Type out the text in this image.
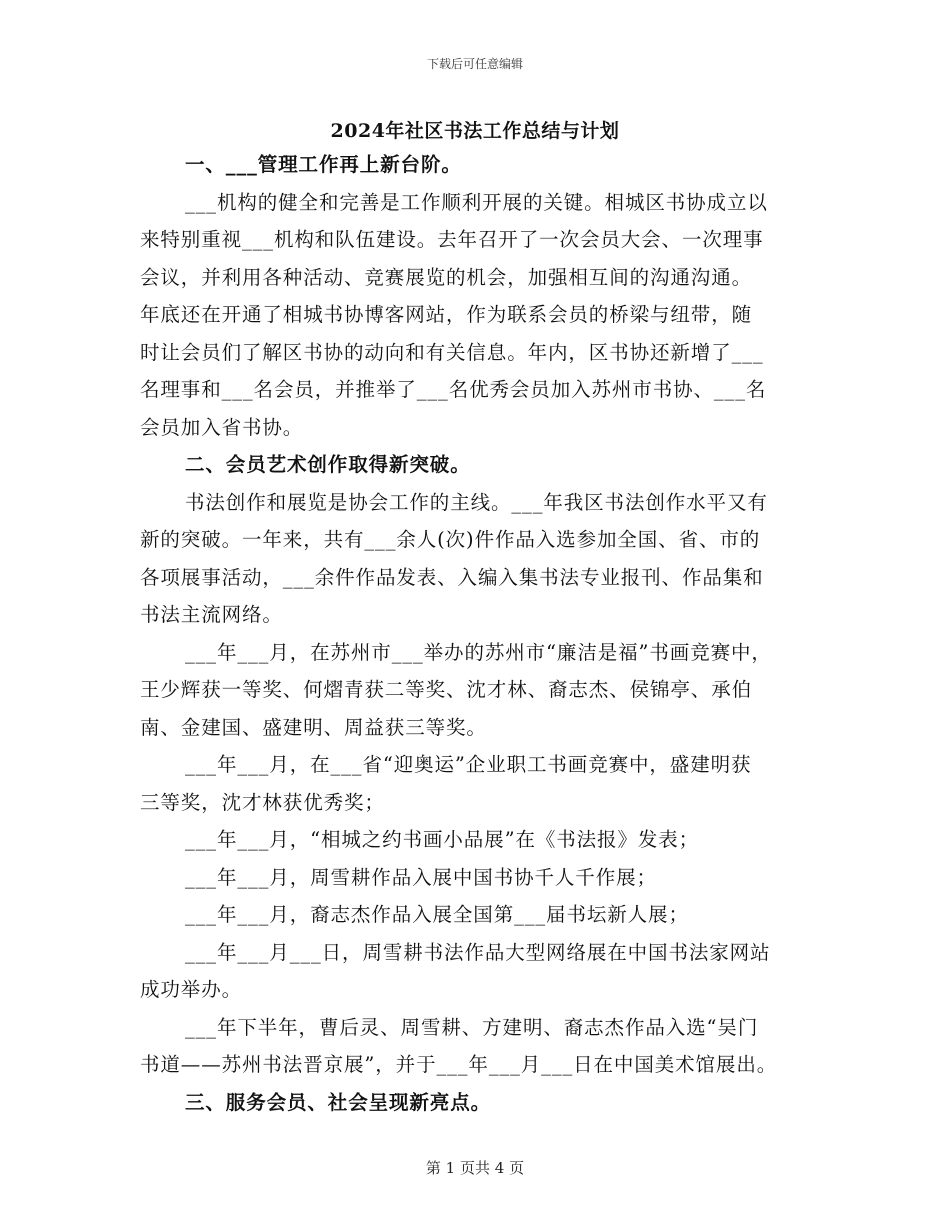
下载后可任意编辑
2024年社区书法工作总结与计划
一、___管理工作再上新台阶。
___机构的健全和完善是工作顺利开展的关键。相城区书协成立以
来特别重视___机构和队伍建设。去年召开了一次会员大会、一次理事
会议，并利用各种活动、竞赛展览的机会，加强相互间的沟通沟通。
年底还在开通了相城书协博客网站，作为联系会员的桥梁与纽带，随
时让会员们了解区书协的动向和有关信息。年内，区书协还新增了___
名理事和___名会员，并推举了___名优秀会员加入苏州市书协、___名
会员加入省书协。
二、会员艺术创作取得新突破。
书法创作和展览是协会工作的主线。___年我区书法创作水平又有
新的突破。一年来，共有___余人(次)件作品入选参加全国、省、市的
各项展事活动，___余件作品发表、入编入集书法专业报刊、作品集和
书法主流网络。
___年___月，在苏州市___举办的苏州市“廉洁是福”书画竞赛中，
王少辉获一等奖、何熠青获二等奖、沈才林、裔志杰、侯锦亭、承伯
南、金建国、盛建明、周益获三等奖。
___年___月，在___省“迎奥运”企业职工书画竞赛中，盛建明获
三等奖，沈才林获优秀奖；
___年___月，“相城之约书画小品展”在《书法报》发表；
___年___月，周雪耕作品入展中国书协千人千作展；
___年___月，裔志杰作品入展全国第___届书坛新人展；
___年___月___日，周雪耕书法作品大型网络展在中国书法家网站
成功举办。
___年下半年，曹后灵、周雪耕、方建明、裔志杰作品入选“吴门
书道——苏州书法晋京展”，并于___年___月___日在中国美术馆展出。
三、服务会员、社会呈现新亮点。
第 1 页共 4 页
